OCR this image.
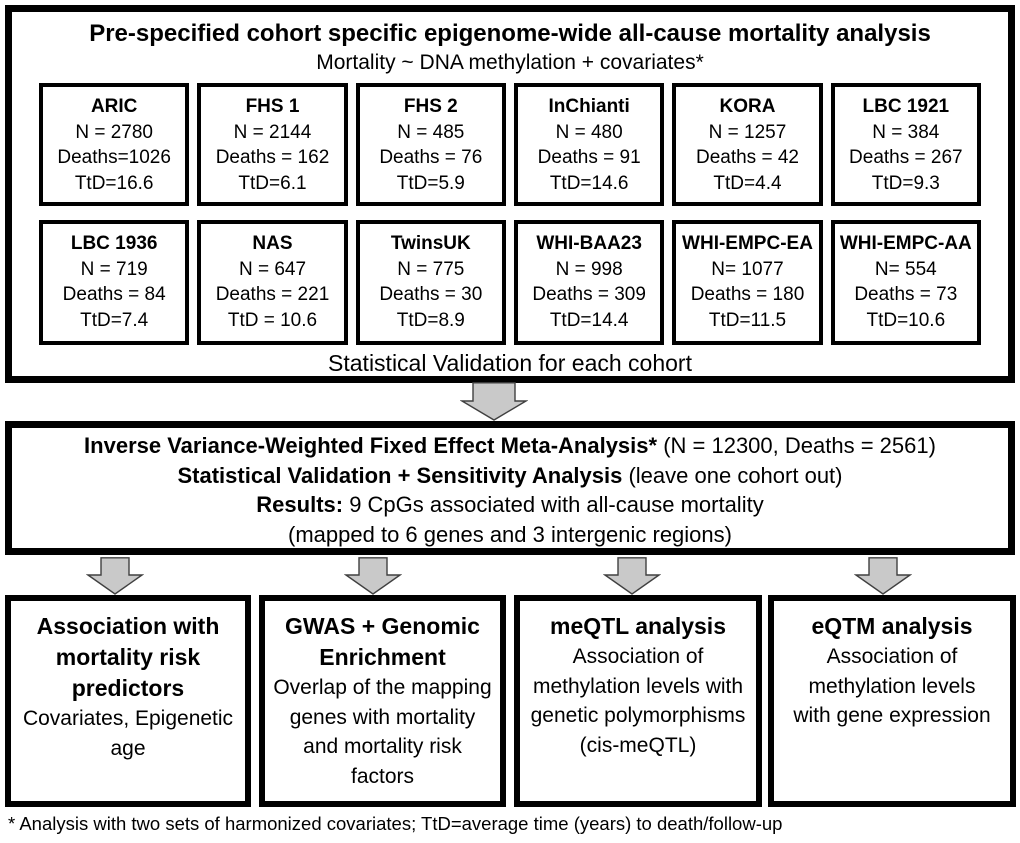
Pre-specified cohort specific epigenome-wide all-cause mortality analysis
Mortality ~ DNA methylation + covariates*
ARIC
N = 2780
Deaths=1026
TtD=16.6
FHS 1
N = 2144
Deaths = 162
TtD=6.1
FHS 2
N = 485
Deaths = 76
TtD=5.9
InChianti
N = 480
Deaths = 91
TtD=14.6
KORA
N = 1257
Deaths = 42
TtD=4.4
LBC 1921
N = 384
Deaths = 267
TtD=9.3
LBC 1936
N = 719
Deaths = 84
TtD=7.4
NAS
N = 647
Deaths = 221
TtD = 10.6
TwinsUK
N = 775
Deaths = 30
TtD=8.9
WHI-BAA23
N = 998
Deaths = 309
TtD=14.4
WHI-EMPC-EA
N= 1077
Deaths = 180
TtD=11.5
WHI-EMPC-AA
N= 554
Deaths = 73
TtD=10.6
Statistical Validation for each cohort
Inverse Variance-Weighted Fixed Effect Meta-Analysis* (N = 12300, Deaths = 2561)
Statistical Validation + Sensitivity Analysis (leave one cohort out)
Results: 9 CpGs associated with all-cause mortality
(mapped to 6 genes and 3 intergenic regions)
Association with mortality risk predictors
Covariates, Epigenetic age
GWAS + Genomic Enrichment
Overlap of the mapping genes with mortality and mortality risk factors
meQTL analysis
Association of methylation levels with genetic polymorphisms (cis-meQTL)
eQTM analysis
Association of methylation levels with gene expression
* Analysis with two sets of harmonized covariates; TtD=average time (years) to death/follow-up
